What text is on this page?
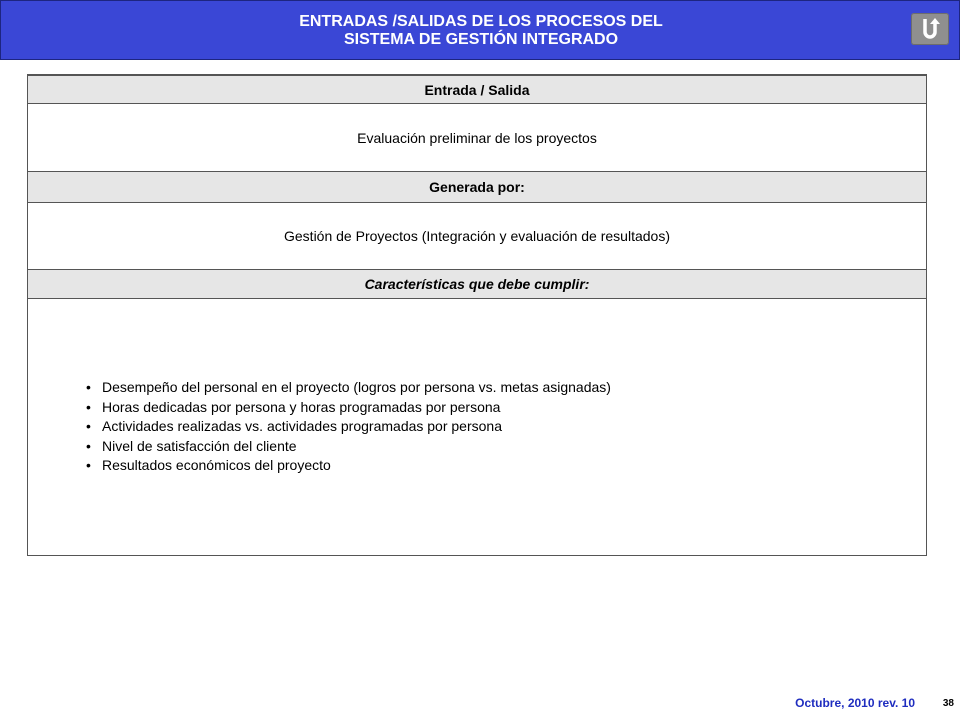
ENTRADAS /SALIDAS DE LOS PROCESOS DEL
SISTEMA DE GESTIÓN INTEGRADO
Entrada / Salida
Evaluación preliminar de los proyectos
Generada por:
Gestión de Proyectos (Integración y evaluación de resultados)
Características que debe cumplir:
• Desempeño del personal en el proyecto (logros por persona vs. metas asignadas)
• Horas dedicadas por persona y horas programadas por persona
• Actividades realizadas vs. actividades programadas por persona
• Nivel de satisfacción del cliente
• Resultados económicos del proyecto
Octubre, 2010 rev. 10	38
